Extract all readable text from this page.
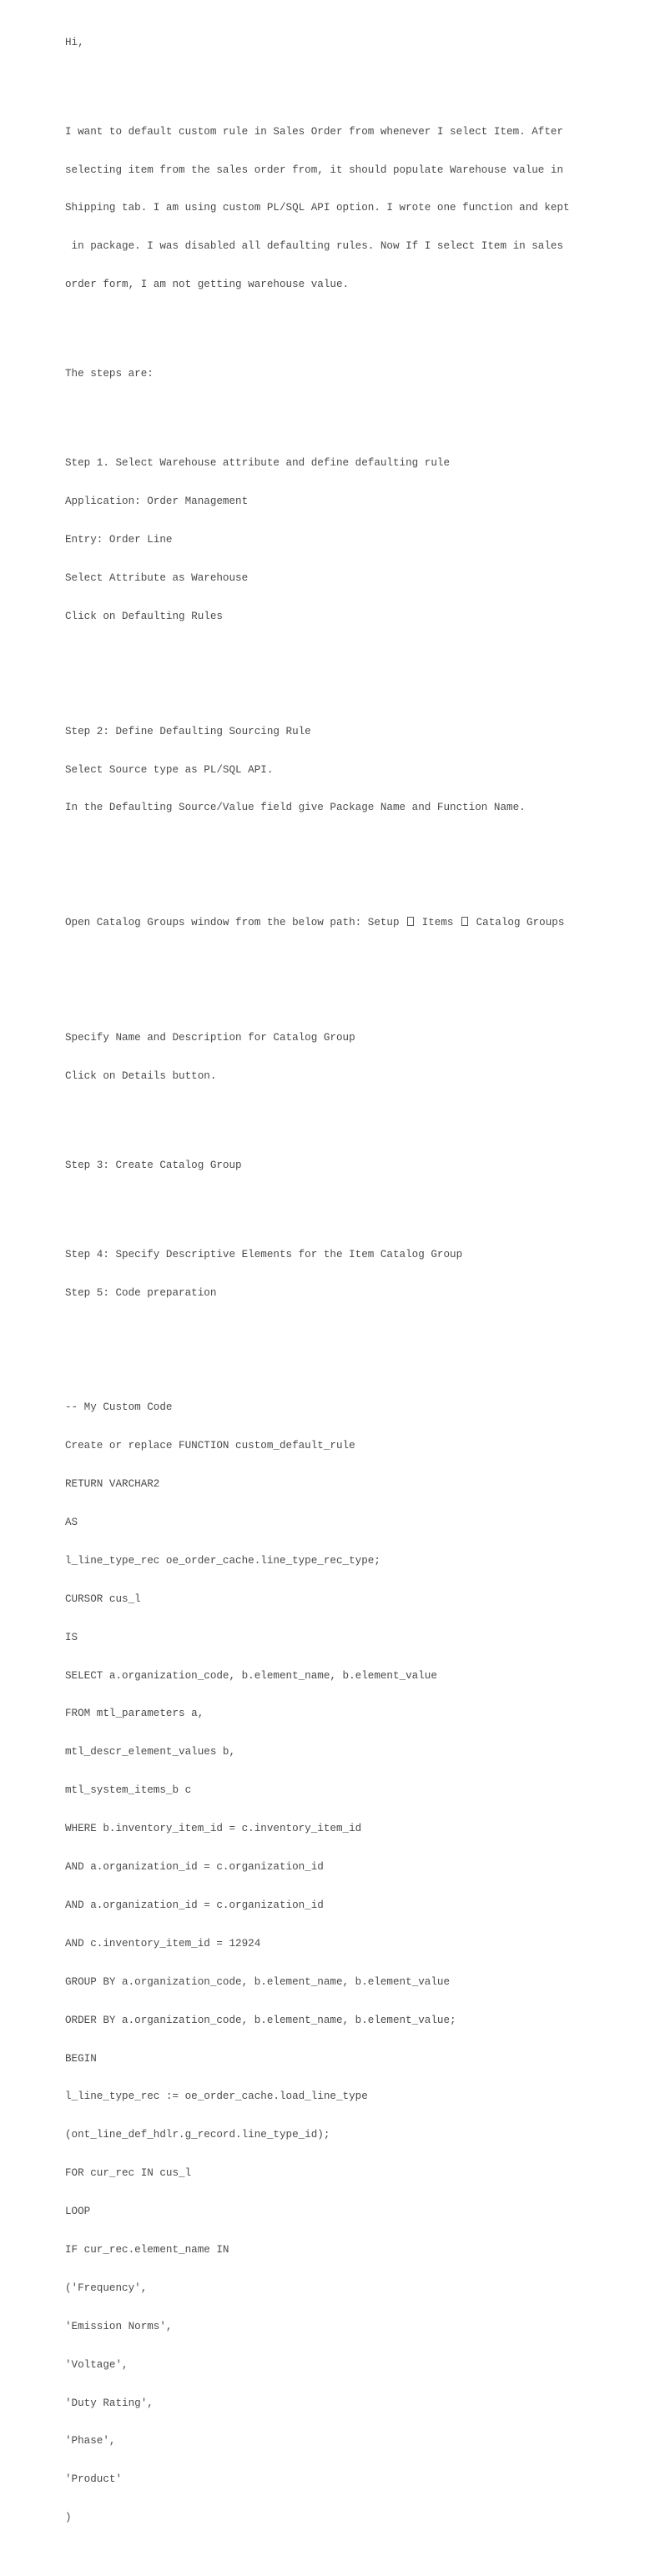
Hi,

I want to default custom rule in Sales Order from whenever I select Item. After

selecting item from the sales order from, it should populate Warehouse value in

Shipping tab. I am using custom PL/SQL API option. I wrote one function and kept

in package. I was disabled all defaulting rules. Now If I select Item in sales

order form, I am not getting warehouse value.

The steps are:

Step 1. Select Warehouse attribute and define defaulting rule

Application: Order Management

Entry: Order Line

Select Attribute as Warehouse

Click on Defaulting Rules

Step 2: Define Defaulting Sourcing Rule

Select Source type as PL/SQL API.

In the Defaulting Source/Value field give Package Name and Function Name.

Open Catalog Groups window from the below path: Setup Items Catalog Groups

Specify Name and Description for Catalog Group

Click on Details button.

Step 3: Create Catalog Group

Step 4: Specify Descriptive Elements for the Item Catalog Group

Step 5: Code preparation

-- My Custom Code

Create or replace FUNCTION custom_default_rule

RETURN VARCHAR2

AS

l_line_type_rec oe_order_cache.line_type_rec_type;

CURSOR cus_l

IS

SELECT a.organization_code, b.element_name, b.element_value

FROM mtl_parameters a,

mtl_descr_element_values b,

mtl_system_items_b c

WHERE b.inventory_item_id = c.inventory_item_id

AND a.organization_id = c.organization_id

AND a.organization_id = c.organization_id

AND c.inventory_item_id = 12924

GROUP BY a.organization_code, b.element_name, b.element_value

ORDER BY a.organization_code, b.element_name, b.element_value;

BEGIN

l_line_type_rec := oe_order_cache.load_line_type

(ont_line_def_hdlr.g_record.line_type_id);

FOR cur_rec IN cus_l

LOOP

IF cur_rec.element_name IN

('Frequency',

'Emission Norms',

'Voltage',

'Duty Rating',

'Phase',

'Product'

)
